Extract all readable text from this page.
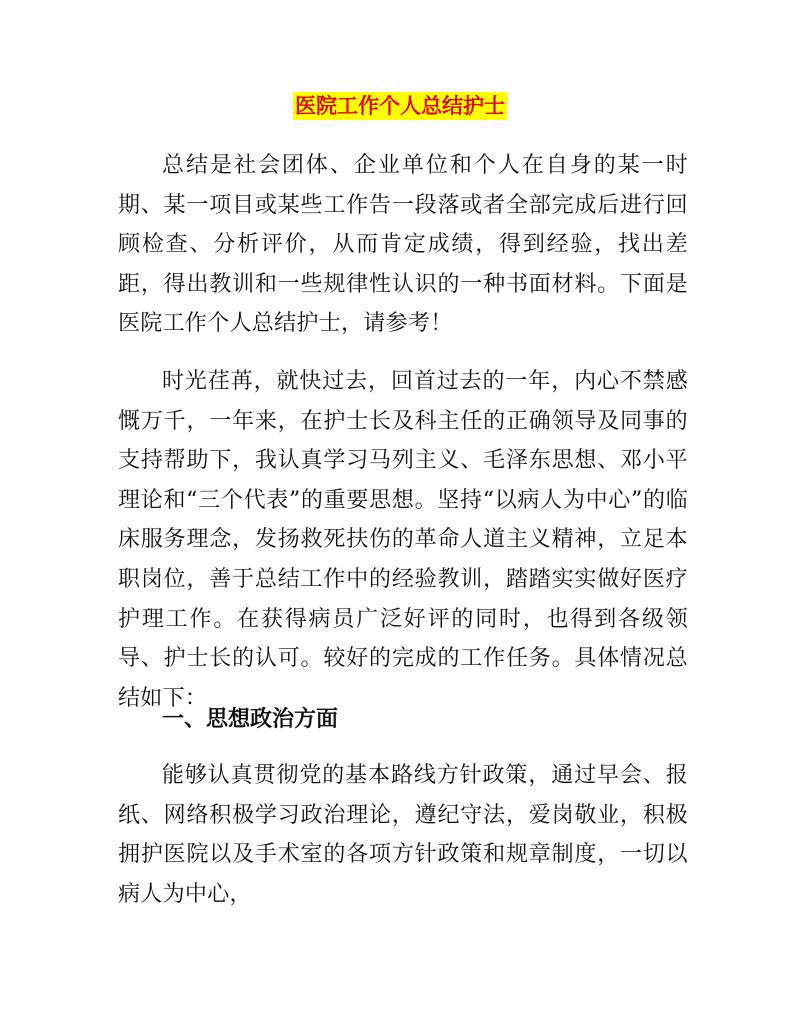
医院工作个人总结护士

总结是社会团体、企业单位和个人在自身的某一时期、某一项目或某些工作告一段落或者全部完成后进行回顾检查、分析评价，从而肯定成绩，得到经验，找出差距，得出教训和一些规律性认识的一种书面材料。下面是医院工作个人总结护士，请参考！

时光荏苒，就快过去，回首过去的一年，内心不禁感慨万千，一年来，在护士长及科主任的正确领导及同事的支持帮助下，我认真学习马列主义、毛泽东思想、邓小平理论和“三个代表”的重要思想。坚持“以病人为中心”的临床服务理念，发扬救死扶伤的革命人道主义精神，立足本职岗位，善于总结工作中的经验教训，踏踏实实做好医疗护理工作。在获得病员广泛好评的同时，也得到各级领导、护士长的认可。较好的完成的工作任务。具体情况总结如下：

一、思想政治方面

能够认真贯彻党的基本路线方针政策，通过早会、报纸、网络积极学习政治理论，遵纪守法，爱岗敬业，积极拥护医院以及手术室的各项方针政策和规章制度，一切以病人为中心，
